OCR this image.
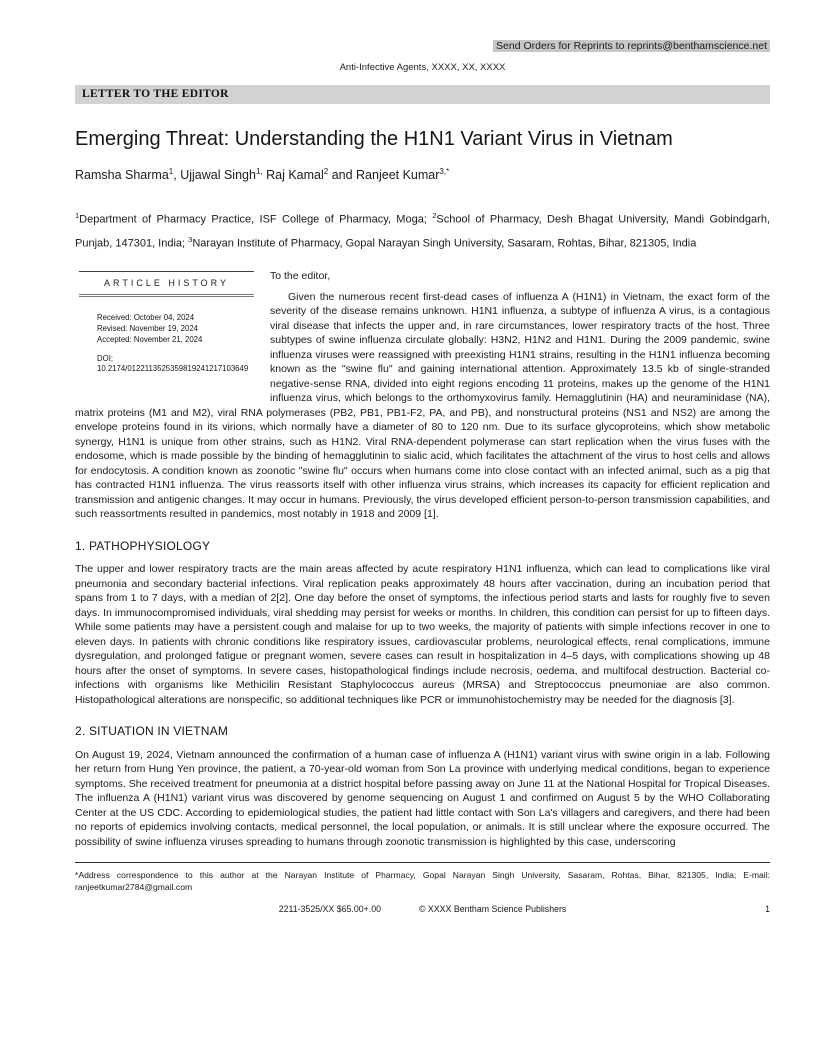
Send Orders for Reprints to reprints@benthamscience.net
Anti-Infective Agents, XXXX, XX, XXXX
LETTER TO THE EDITOR
Emerging Threat: Understanding the H1N1 Variant Virus in Vietnam

Ramsha Sharma$^1$, Ujjawal Singh$^{1,}$ Raj Kamal$^2$ and Ranjeet Kumar$^{3,*}$

$^1$Department of Pharmacy Practice, ISF College of Pharmacy, Moga; $^2$School of Pharmacy, Desh Bhagat University, Mandi Gobindgarh, Punjab, 147301, India; $^3$Narayan Institute of Pharmacy, Gopal Narayan Singh University, Sasaram, Rohtas, Bihar, 821305, India

ARTICLE HISTORY
Received: October 04, 2024
Revised: November 19, 2024
Accepted: November 21, 2024
DOI:
10.2174/0122113525359819241217103649

To the editor,

Given the numerous recent first-dead cases of influenza A (H1N1) in Vietnam, the exact form of the severity of the disease remains unknown. H1N1 influenza, a subtype of influenza A virus, is a contagious viral disease that infects the upper and, in rare circumstances, lower respiratory tracts of the host. Three subtypes of swine influenza circulate globally: H3N2, H1N2 and H1N1. During the 2009 pandemic, swine influenza viruses were reassigned with preexisting H1N1 strains, resulting in the H1N1 influenza becoming known as the "swine flu" and gaining international attention. Approximately 13.5 kb of single-stranded negative-sense RNA, divided into eight regions encoding 11 proteins, makes up the genome of the H1N1 influenza virus, which belongs to the orthomyxovirus family. Hemagglutinin (HA) and neuraminidase (NA), matrix proteins (M1 and M2), viral RNA polymerases (PB2, PB1, PB1-F2, PA, and PB), and nonstructural proteins (NS1 and NS2) are among the envelope proteins found in its virions, which normally have a diameter of 80 to 120 nm. Due to its surface glycoproteins, which show metabolic synergy, H1N1 is unique from other strains, such as H1N2. Viral RNA-dependent polymerase can start replication when the virus fuses with the endosome, which is made possible by the binding of hemagglutinin to sialic acid, which facilitates the attachment of the virus to host cells and allows for endocytosis. A condition known as zoonotic "swine flu" occurs when humans come into close contact with an infected animal, such as a pig that has contracted H1N1 influenza. The virus reassorts itself with other influenza virus strains, which increases its capacity for efficient replication and transmission and antigenic changes. It may occur in humans. Previously, the virus developed efficient person-to-person transmission capabilities, and such reassortments resulted in pandemics, most notably in 1918 and 2009 [1].

1. PATHOPHYSIOLOGY

The upper and lower respiratory tracts are the main areas affected by acute respiratory H1N1 influenza, which can lead to complications like viral pneumonia and secondary bacterial infections. Viral replication peaks approximately 48 hours after vaccination, during an incubation period that spans from 1 to 7 days, with a median of 2[2]. One day before the onset of symptoms, the infectious period starts and lasts for roughly five to seven days. In immunocompromised individuals, viral shedding may persist for weeks or months. In children, this condition can persist for up to fifteen days. While some patients may have a persistent cough and malaise for up to two weeks, the majority of patients with simple infections recover in one to eleven days. In patients with chronic conditions like respiratory issues, cardiovascular problems, neurological effects, renal complications, immune dysregulation, and prolonged fatigue or pregnant women, severe cases can result in hospitalization in 4–5 days, with complications showing up 48 hours after the onset of symptoms. In severe cases, histopathological findings include necrosis, oedema, and multifocal destruction. Bacterial co-infections with organisms like Methicilin Resistant Staphylococcus aureus (MRSA) and Streptococcus pneumoniae are also common. Histopathological alterations are nonspecific, so additional techniques like PCR or immunohistochemistry may be needed for the diagnosis [3].

2. SITUATION IN VIETNAM

On August 19, 2024, Vietnam announced the confirmation of a human case of influenza A (H1N1) variant virus with swine origin in a lab. Following her return from Hung Yen province, the patient, a 70-year-old woman from Son La province with underlying medical conditions, began to experience symptoms. She received treatment for pneumonia at a district hospital before passing away on June 11 at the National Hospital for Tropical Diseases. The influenza A (H1N1) variant virus was discovered by genome sequencing on August 1 and confirmed on August 5 by the WHO Collaborating Center at the US CDC. According to epidemiological studies, the patient had little contact with Son La's villagers and caregivers, and there had been no reports of epidemics involving contacts, medical personnel, the local population, or animals. It is still unclear where the exposure occurred. The possibility of swine influenza viruses spreading to humans through zoonotic transmission is highlighted by this case, underscoring

*Address correspondence to this author at the Narayan Institute of Pharmacy, Gopal Narayan Singh University, Sasaram, Rohtas, Bihar, 821305, India; E-mail: ranjeetkumar2784@gmail.com

2211-3525/XX $65.00+.00	© XXXX Bentham Science Publishers	1
